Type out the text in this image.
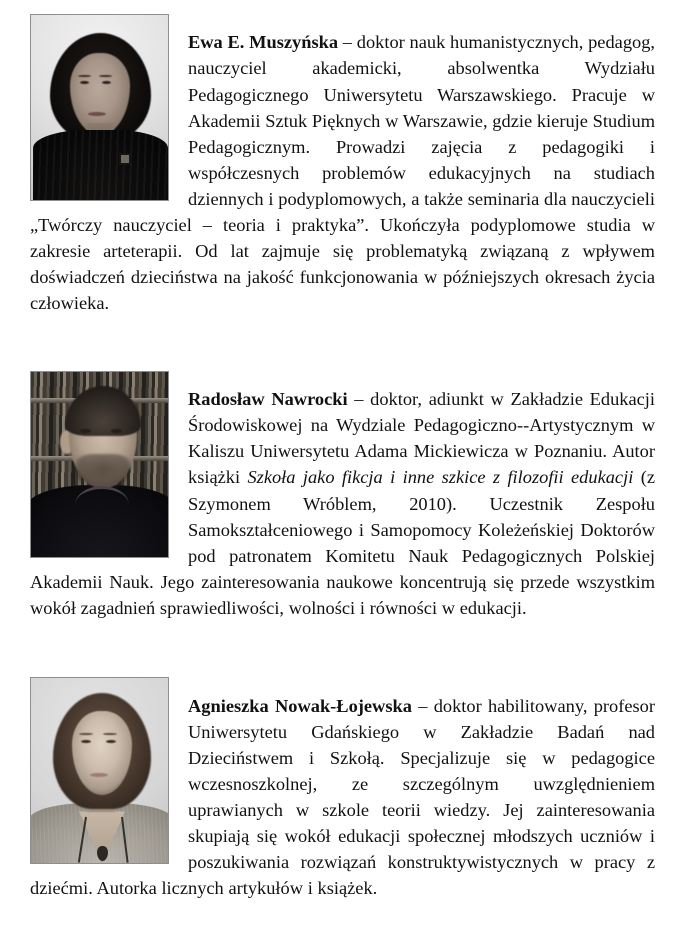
Ewa E. Muszyńska – doktor nauk humanistycznych, pedagog, nauczyciel akademicki, absolwentka Wydziału Pedagogicznego Uniwersytetu Warszawskiego. Pracuje w Akademii Sztuk Pięknych w Warszawie, gdzie kieruje Studium Pedagogicznym. Prowadzi zajęcia z pedagogiki i współczesnych problemów edukacyjnych na studiach dziennych i podyplomowych, a także seminaria dla nauczycieli „Twórczy nauczyciel – teoria i praktyka”. Ukończyła podyplomowe studia w zakresie arteterapii. Od lat zajmuje się problematyką związaną z wpływem doświadczeń dzieciństwa na jakość funkcjonowania w późniejszych okresach życia człowieka.

Radosław Nawrocki – doktor, adiunkt w Zakładzie Edukacji Środowiskowej na Wydziale Pedagogiczno--Artystycznym w Kaliszu Uniwersytetu Adama Mickiewicza w Poznaniu. Autor książki Szkoła jako fikcja i inne szkice z filozofii edukacji (z Szymonem Wróblem, 2010). Uczestnik Zespołu Samokształceniowego i Samopomocy Koleżeńskiej Doktorów pod patronatem Komitetu Nauk Pedagogicznych Polskiej Akademii Nauk. Jego zainteresowania naukowe koncentrują się przede wszystkim wokół zagadnień sprawiedliwości, wolności i równości w edukacji.

Agnieszka Nowak-Łojewska – doktor habilitowany, profesor Uniwersytetu Gdańskiego w Zakładzie Badań nad Dzieciństwem i Szkołą. Specjalizuje się w pedagogice wczesnoszkolnej, ze szczególnym uwzględnieniem uprawianych w szkole teorii wiedzy. Jej zainteresowania skupiają się wokół edukacji społecznej młodszych uczniów i poszukiwania rozwiązań konstruktywistycznych w pracy z dziećmi. Autorka licznych artykułów i książek.
